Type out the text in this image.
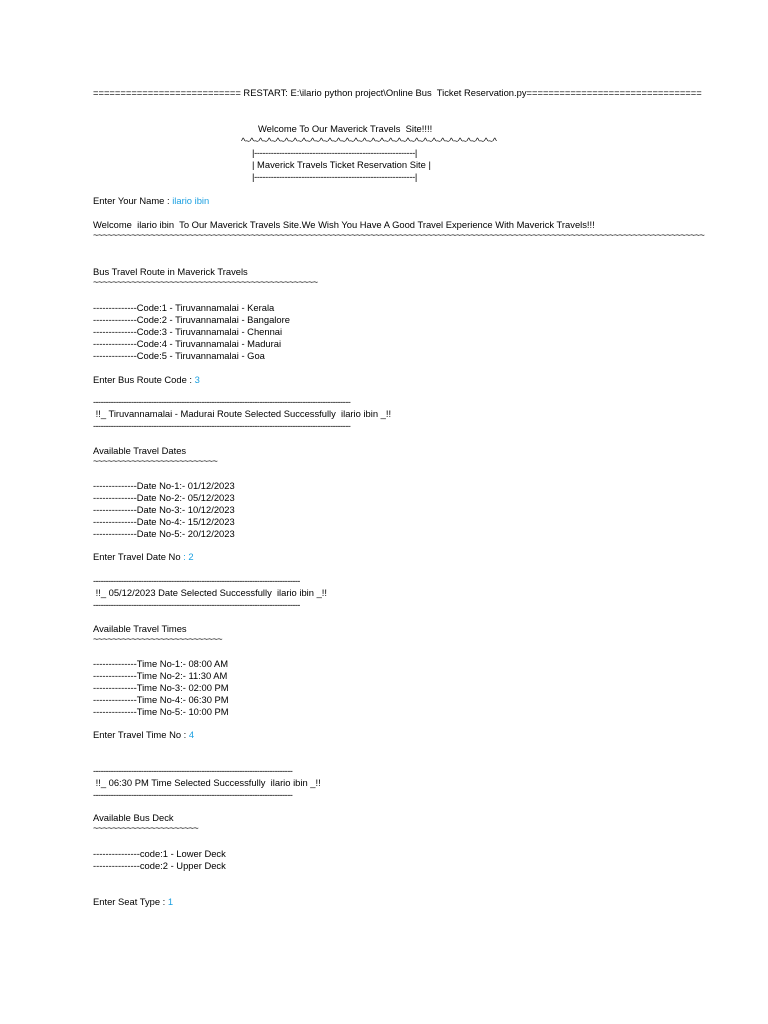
=========================== RESTART: E:\ilario python project\Online Bus  Ticket Reservation.py================================
Welcome To Our Maverick Travels  Site!!!!
^~^~^~^~^~^~^~^~^~^~^~^~^~^~^~^~^~^~^~^~^~^~^~^~^~^~^~^~^~^
|----------------------------------------------------------|
| Maverick Travels Ticket Reservation Site |
|----------------------------------------------------------|
Enter Your Name : ilario ibin
Welcome  ilario ibin  To Our Maverick Travels Site.We Wish You Have A Good Travel Experience With Maverick Travels!!!
~~~~~~~~~~~~~~~~~~~~~~~~~~~~~~~~~~~~~~~~~~~~~~~~~~~~~~~~~~~~~~~~~~~~~~~~~~~~~~~~~~~~~~~~~~~~~~~~~~~~~~~~~~~~~~~~~~~~~~~~~~~~~~~~
Bus Travel Route in Maverick Travels
~~~~~~~~~~~~~~~~~~~~~~~~~~~~~~~~~~~~~~~~~~~~~~~
--------------Code:1 - Tiruvannamalai - Kerala
--------------Code:2 - Tiruvannamalai - Bangalore
--------------Code:3 - Tiruvannamalai - Chennai
--------------Code:4 - Tiruvannamalai - Madurai
--------------Code:5 - Tiruvannamalai - Goa
Enter Bus Route Code : 3
------------------------------------------------------------------------------------------------------
!!_ Tiruvannamalai - Madurai Route Selected Successfully  ilario ibin _!!
------------------------------------------------------------------------------------------------------
Available Travel Dates
~~~~~~~~~~~~~~~~~~~~~~~~~~
--------------Date No-1:- 01/12/2023
--------------Date No-2:- 05/12/2023
--------------Date No-3:- 10/12/2023
--------------Date No-4:- 15/12/2023
--------------Date No-5:- 20/12/2023
Enter Travel Date No : 2
----------------------------------------------------------------------------------
!!_ 05/12/2023 Date Selected Successfully  ilario ibin _!!
----------------------------------------------------------------------------------
Available Travel Times
~~~~~~~~~~~~~~~~~~~~~~~~~~~
--------------Time No-1:- 08:00 AM
--------------Time No-2:- 11:30 AM
--------------Time No-3:- 02:00 PM
--------------Time No-4:- 06:30 PM
--------------Time No-5:- 10:00 PM
Enter Travel Time No : 4
-------------------------------------------------------------------------------
!!_ 06:30 PM Time Selected Successfully  ilario ibin _!!
-------------------------------------------------------------------------------
Available Bus Deck
~~~~~~~~~~~~~~~~~~~~~~
---------------code:1 - Lower Deck
---------------code:2 - Upper Deck
Enter Seat Type : 1
